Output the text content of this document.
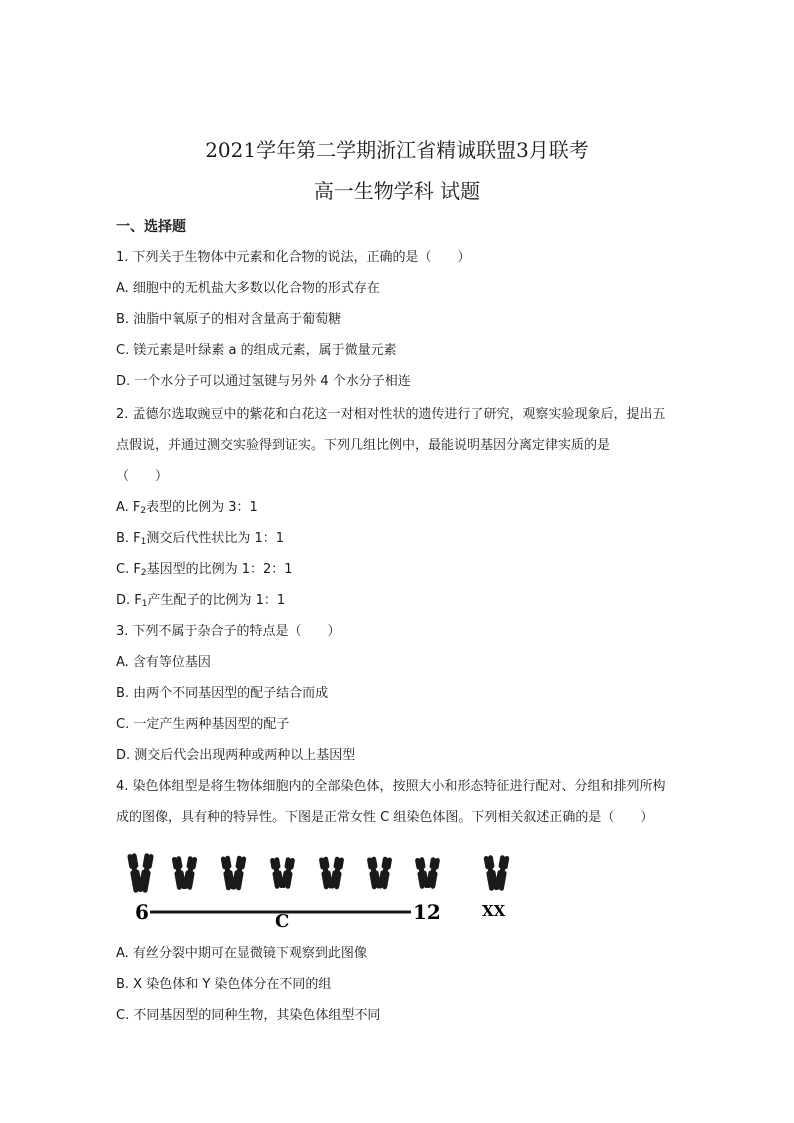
2021学年第二学期浙江省精诚联盟3月联考
高一生物学科 试题
一、选择题
1. 下列关于生物体中元素和化合物的说法，正确的是（　　）
A. 细胞中的无机盐大多数以化合物的形式存在
B. 油脂中氧原子的相对含量高于葡萄糖
C. 镁元素是叶绿素 a 的组成元素，属于微量元素
D. 一个水分子可以通过氢键与另外 4 个水分子相连
2. 孟德尔选取豌豆中的紫花和白花这一对相对性状的遗传进行了研究，观察实验现象后，提出五
点假说，并通过测交实验得到证实。下列几组比例中，最能说明基因分离定律实质的是
（　　）
A. $F_2$表型的比例为 3：1
B. $F_1$测交后代性状比为 1：1
C. $F_2$基因型的比例为 1：2：1
D. $F_1$产生配子的比例为 1：1
3. 下列不属于杂合子的特点是（　　）
A. 含有等位基因
B. 由两个不同基因型的配子结合而成
C. 一定产生两种基因型的配子
D. 测交后代会出现两种或两种以上基因型
4. 染色体组型是将生物体细胞内的全部染色体，按照大小和形态特征进行配对、分组和排列所构
成的图像，具有种的特异性。下图是正常女性 C 组染色体图。下列相关叙述正确的是（　　）
6	C	12	XX
A. 有丝分裂中期可在显微镜下观察到此图像
B. X 染色体和 Y 染色体分在不同的组
C. 不同基因型的同种生物，其染色体组型不同
